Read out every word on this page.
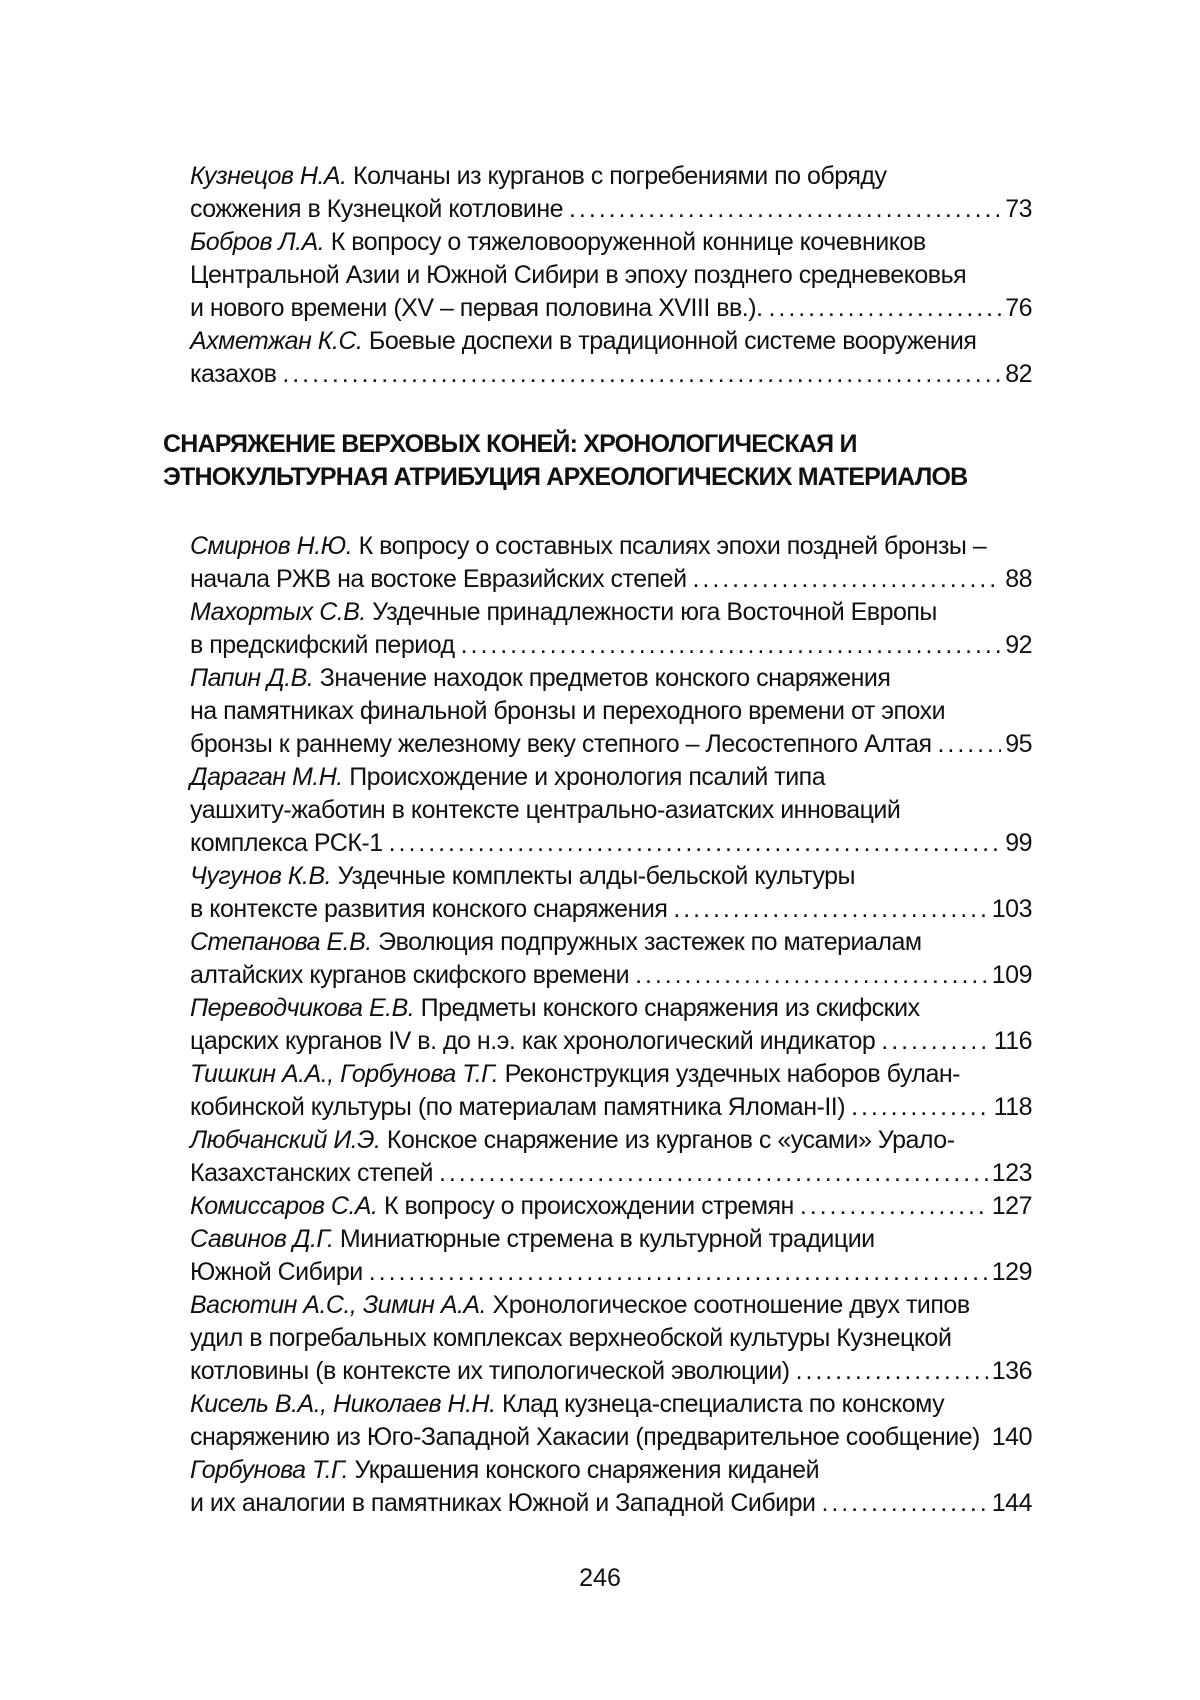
Кузнецов Н.А. Колчаны из курганов с погребениями по обряду
сожжения в Кузнецкой котловине . . .	73
Бобров Л.А. К вопросу о тяжеловооруженной коннице кочевников
Центральной Азии и Южной Сибири в эпоху позднего средневековья
и нового времени (XV – первая половина XVIII вв.). . . .	76
Ахметжан К.С. Боевые доспехи в традиционной системе вооружения
казахов . . .	82
СНАРЯЖЕНИЕ ВЕРХОВЫХ КОНЕЙ: ХРОНОЛОГИЧЕСКАЯ И
ЭТНОКУЛЬТУРНАЯ АТРИБУЦИЯ АРХЕОЛОГИЧЕСКИХ МАТЕРИАЛОВ
Смирнов Н.Ю. К вопросу о составных псалиях эпохи поздней бронзы –
начала РЖВ на востоке Евразийских степей . . .	88
Махортых С.В. Уздечные принадлежности юга Восточной Европы
в предскифский период . . .	92
Папин Д.В. Значение находок предметов конского снаряжения
на памятниках финальной бронзы и переходного времени от эпохи
бронзы к раннему железному веку степного – Лесостепного Алтая . . .	95
Дараган М.Н. Происхождение и хронология псалий типа
уашхиту-жаботин в контексте центрально-азиатских инноваций
комплекса РСК-1 . . .	99
Чугунов К.В. Уздечные комплекты алды-бельской культуры
в контексте развития конского снаряжения . . .	103
Степанова Е.В. Эволюция подпружных застежек по материалам
алтайских курганов скифского времени . . .	109
Переводчикова Е.В. Предметы конского снаряжения из скифских
царских курганов IV в. до н.э. как хронологический индикатор . . .	116
Тишкин А.А., Горбунова Т.Г. Реконструкция уздечных наборов булан-
кобинской культуры (по материалам памятника Яломан-II) . . .	118
Любчанский И.Э. Конское снаряжение из курганов с «усами» Урало-
Казахстанских степей . . .	123
Комиссаров С.А. К вопросу о происхождении стремян . . .	127
Савинов Д.Г. Миниатюрные стремена в культурной традиции
Южной Сибири . . .	129
Васютин А.С., Зимин А.А. Хронологическое соотношение двух типов
удил в погребальных комплексах верхнеобской культуры Кузнецкой
котловины (в контексте их типологической эволюции) . . .	136
Кисель В.А., Николаев Н.Н. Клад кузнеца-специалиста по конскому
снаряжению из Юго-Западной Хакасии (предварительное сообщение) . . . 140
Горбунова Т.Г. Украшения конского снаряжения киданей
и их аналогии в памятниках Южной и Западной Сибири . . .	144
246
